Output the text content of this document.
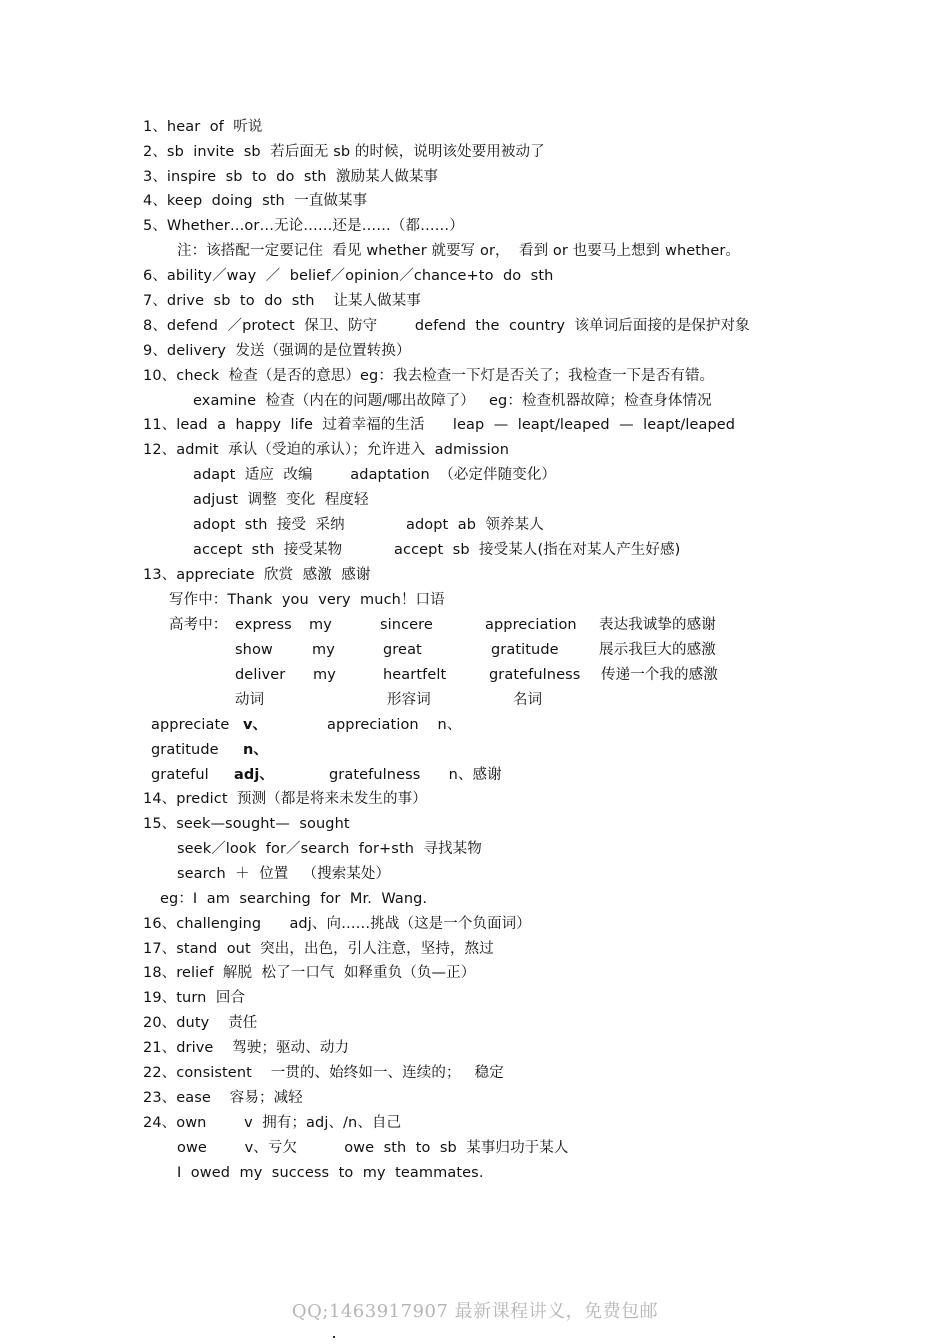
1、hear  of  听说
2、sb  invite  sb  若后面无 sb 的时候，说明该处要用被动了
3、inspire  sb  to  do  sth  激励某人做某事
4、keep  doing  sth  一直做某事
5、Whether…or…无论……还是……（都……）
注：该搭配一定要记住  看见 whether 就要写 or，  看到 or 也要马上想到 whether。
6、ability／way  ／  belief／opinion／chance+to  do  sth
7、drive  sb  to  do  sth    让某人做某事
8、defend  ／protect  保卫、防守        defend  the  country  该单词后面接的是保护对象
9、delivery  发送（强调的是位置转换）
10、check  检查（是否的意思）eg：我去检查一下灯是否关了；我检查一下是否有错。
examine  检查（内在的问题/哪出故障了）   eg：检查机器故障；检查身体情况
11、lead  a  happy  life  过着幸福的生活      leap  —  leapt/leaped  —  leapt/leaped
12、admit  承认（受迫的承认）；允许进入  admission
adapt  适应  改编        adaptation  （必定伴随变化）
adjust  调整  变化  程度轻
adopt  sth  接受  采纳             adopt  ab  领养某人
accept  sth  接受某物           accept  sb  接受某人(指在对某人产生好感)
13、appreciate  欣赏  感激  感谢
写作中：Thank  you  very  much！口语
高考中： express my	sincere	appreciation 表达我诚挚的感谢
show	my	great	gratitude	展示我巨大的感激
deliver my	heartfelt	gratefulness 传递一个我的感激
动词	形容词	名词
appreciate v、	appreciation    n、
gratitude n、
grateful adj、	gratefulness      n、感谢
14、predict  预测（都是将来未发生的事）
15、seek—sought—  sought
seek／look  for／search  for+sth  寻找某物
search  ＋  位置   （搜索某处）
eg：I  am  searching  for  Mr.  Wang.
16、challenging      adj、向……挑战（这是一个负面词）
17、stand  out  突出，出色，引人注意，坚持，熬过
18、relief  解脱  松了一口气  如释重负（负—正）
19、turn  回合
20、duty    责任
21、drive    驾驶；驱动、动力
22、consistent    一贯的、始终如一、连续的；   稳定
23、ease    容易；减轻
24、own        v  拥有；adj、/n、自己
owe        v、亏欠          owe  sth  to  sb  某事归功于某人
I  owed  my  success  to  my  teammates.
QQ;1463917907 最新课程讲义，免费包邮
